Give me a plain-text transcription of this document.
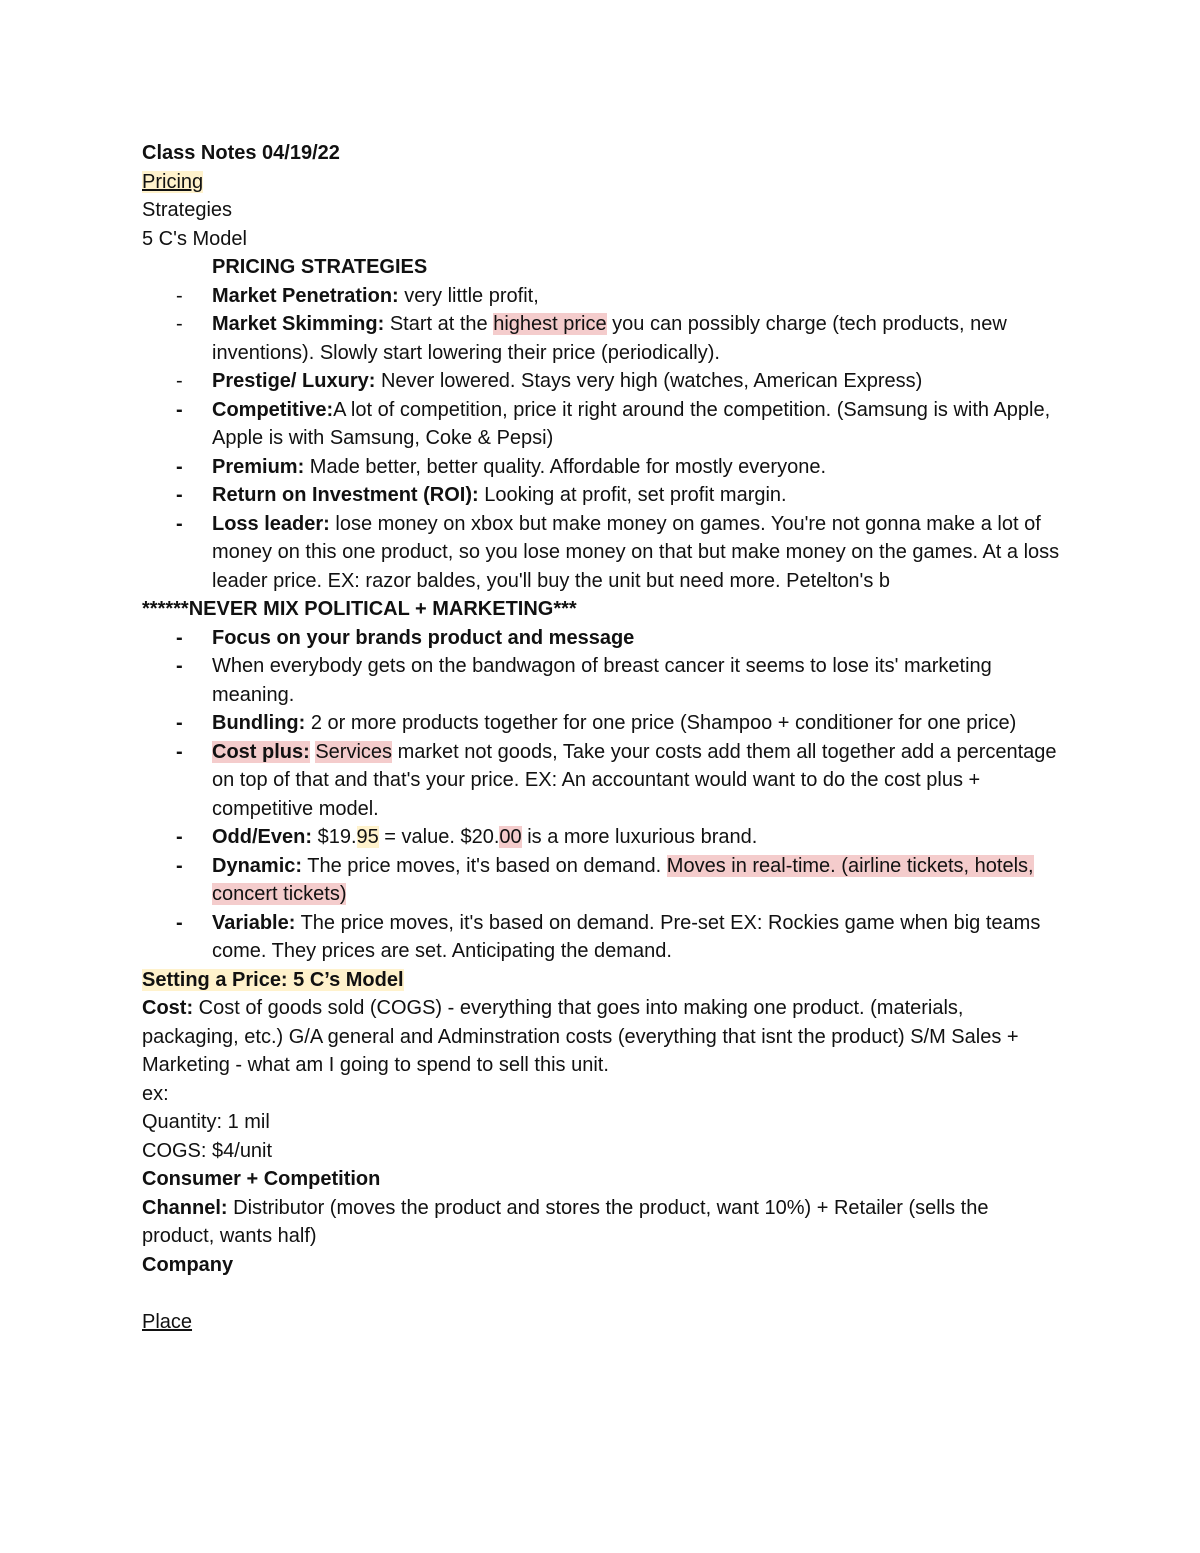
Class Notes 04/19/22
Pricing
Strategies
5 C's Model
PRICING STRATEGIES
- Market Penetration: very little profit,
- Market Skimming: Start at the highest price you can possibly charge (tech products, new inventions). Slowly start lowering their price (periodically).
- Prestige/ Luxury: Never lowered. Stays very high (watches, American Express)
- Competitive:A lot of competition, price it right around the competition. (Samsung is with Apple, Apple is with Samsung, Coke & Pepsi)
- Premium: Made better, better quality. Affordable for mostly everyone.
- Return on Investment (ROI): Looking at profit, set profit margin.
- Loss leader: lose money on xbox but make money on games. You're not gonna make a lot of money on this one product, so you lose money on that but make money on the games. At a loss leader price. EX: razor baldes, you'll buy the unit but need more. Petelton's b
******NEVER MIX POLITICAL + MARKETING***
- Focus on your brands product and message
- When everybody gets on the bandwagon of breast cancer it seems to lose its' marketing meaning.
- Bundling: 2 or more products together for one price (Shampoo + conditioner for one price)
- Cost plus: Services market not goods, Take your costs add them all together add a percentage on top of that and that's your price. EX: An accountant would want to do the cost plus + competitive model.
- Odd/Even: $19.95 = value. $20.00 is a more luxurious brand.
- Dynamic: The price moves, it's based on demand. Moves in real-time. (airline tickets, hotels, concert tickets)
- Variable: The price moves, it's based on demand. Pre-set EX: Rockies game when big teams come. They prices are set. Anticipating the demand.
Setting a Price: 5 C’s Model
Cost: Cost of goods sold (COGS) - everything that goes into making one product. (materials, packaging, etc.) G/A general and Adminstration costs (everything that isnt the product) S/M Sales + Marketing - what am I going to spend to sell this unit.
ex:
Quantity: 1 mil
COGS: $4/unit
Consumer + Competition
Channel: Distributor (moves the product and stores the product, want 10%) + Retailer (sells the product, wants half)
Company
Place
